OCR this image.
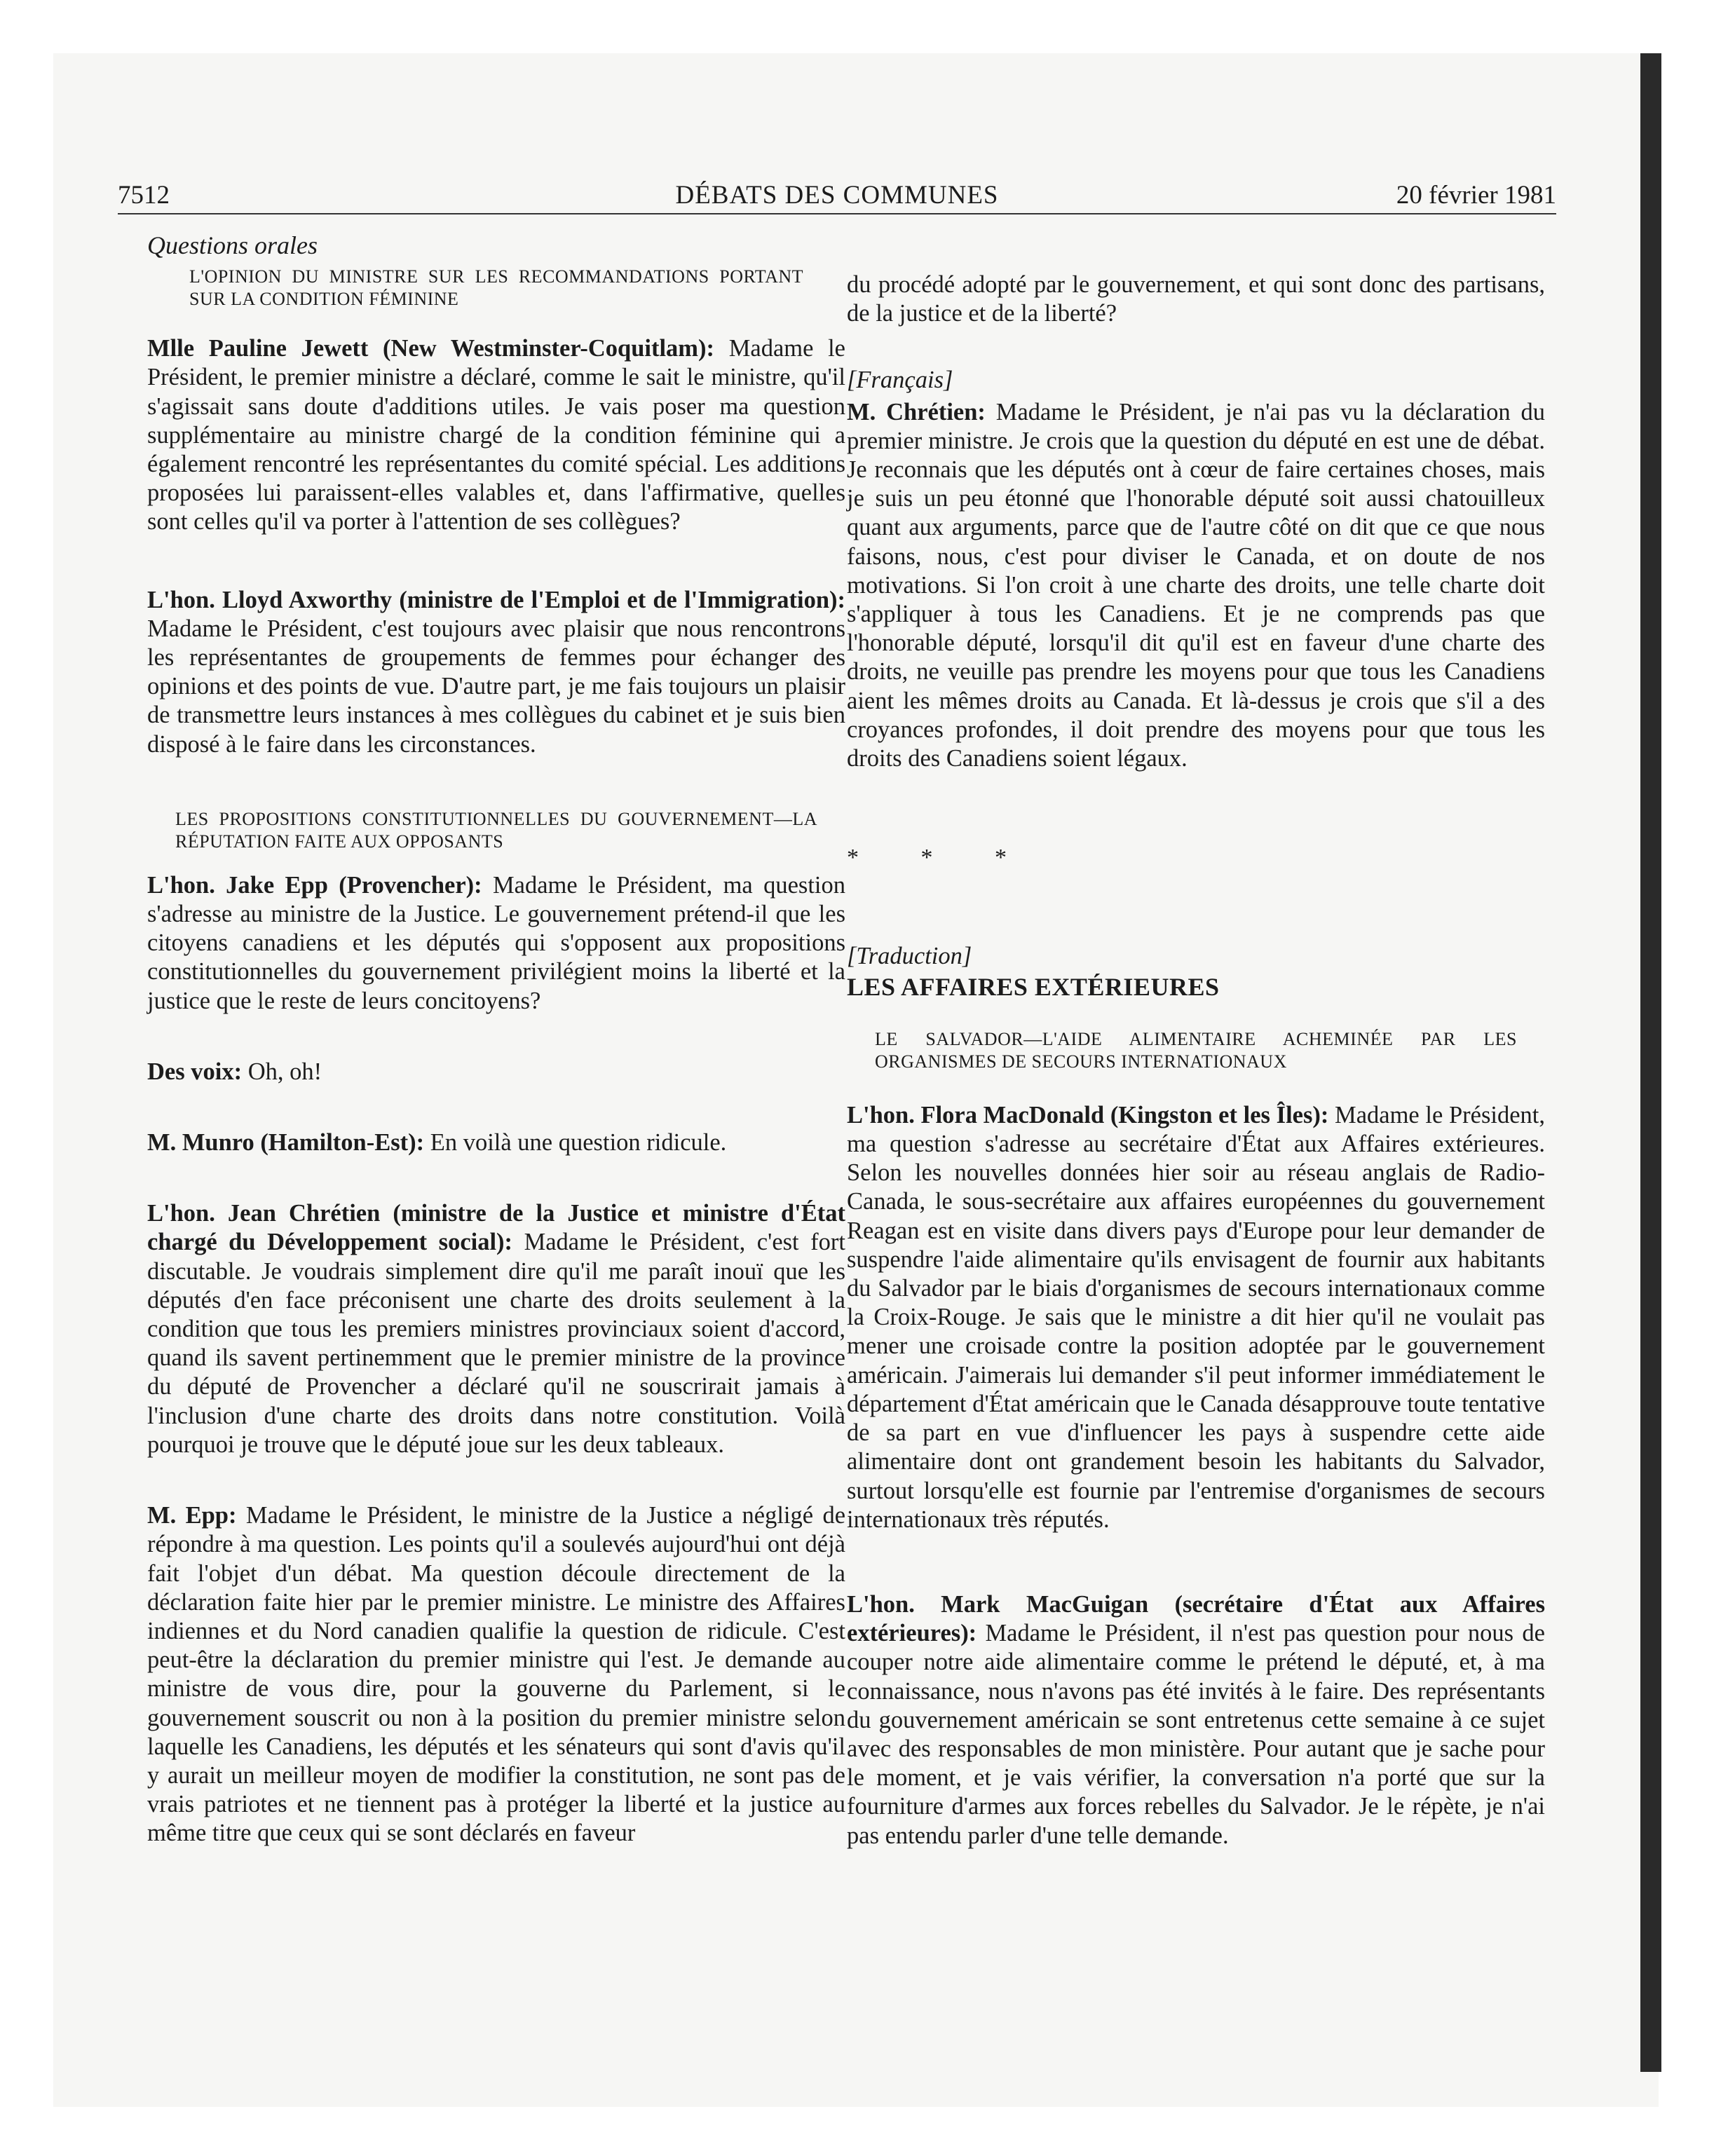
7512	DÉBATS DES COMMUNES	20 février 1981

Questions orales

L'OPINION DU MINISTRE SUR LES RECOMMANDATIONS PORTANT SUR LA CONDITION FÉMININE

Mlle Pauline Jewett (New Westminster-Coquitlam): Madame le Président, le premier ministre a déclaré, comme le sait le ministre, qu'il s'agissait sans doute d'additions utiles. Je vais poser ma question supplémentaire au ministre chargé de la condition féminine qui a également rencontré les représentantes du comité spécial. Les additions proposées lui paraissent-elles valables et, dans l'affirmative, quelles sont celles qu'il va porter à l'attention de ses collègues?

L'hon. Lloyd Axworthy (ministre de l'Emploi et de l'Immigration): Madame le Président, c'est toujours avec plaisir que nous rencontrons les représentantes de groupements de femmes pour échanger des opinions et des points de vue. D'autre part, je me fais toujours un plaisir de transmettre leurs instances à mes collègues du cabinet et je suis bien disposé à le faire dans les circonstances.

LES PROPOSITIONS CONSTITUTIONNELLES DU GOUVERNEMENT—LA RÉPUTATION FAITE AUX OPPOSANTS

L'hon. Jake Epp (Provencher): Madame le Président, ma question s'adresse au ministre de la Justice. Le gouvernement prétend-il que les citoyens canadiens et les députés qui s'opposent aux propositions constitutionnelles du gouvernement privilégient moins la liberté et la justice que le reste de leurs concitoyens?

Des voix: Oh, oh!

M. Munro (Hamilton-Est): En voilà une question ridicule.

L'hon. Jean Chrétien (ministre de la Justice et ministre d'État chargé du Développement social): Madame le Président, c'est fort discutable. Je voudrais simplement dire qu'il me paraît inouï que les députés d'en face préconisent une charte des droits seulement à la condition que tous les premiers ministres provinciaux soient d'accord, quand ils savent pertinemment que le premier ministre de la province du député de Provencher a déclaré qu'il ne souscrirait jamais à l'inclusion d'une charte des droits dans notre constitution. Voilà pourquoi je trouve que le député joue sur les deux tableaux.

M. Epp: Madame le Président, le ministre de la Justice a négligé de répondre à ma question. Les points qu'il a soulevés aujourd'hui ont déjà fait l'objet d'un débat. Ma question découle directement de la déclaration faite hier par le premier ministre. Le ministre des Affaires indiennes et du Nord canadien qualifie la question de ridicule. C'est peut-être la déclaration du premier ministre qui l'est. Je demande au ministre de vous dire, pour la gouverne du Parlement, si le gouvernement souscrit ou non à la position du premier ministre selon laquelle les Canadiens, les députés et les sénateurs qui sont d'avis qu'il y aurait un meilleur moyen de modifier la constitution, ne sont pas de vrais patriotes et ne tiennent pas à protéger la liberté et la justice au même titre que ceux qui se sont déclarés en faveur

du procédé adopté par le gouvernement, et qui sont donc des partisans, de la justice et de la liberté?

[Français]

M. Chrétien: Madame le Président, je n'ai pas vu la déclaration du premier ministre. Je crois que la question du député en est une de débat. Je reconnais que les députés ont à cœur de faire certaines choses, mais je suis un peu étonné que l'honorable député soit aussi chatouilleux quant aux arguments, parce que de l'autre côté on dit que ce que nous faisons, nous, c'est pour diviser le Canada, et on doute de nos motivations. Si l'on croit à une charte des droits, une telle charte doit s'appliquer à tous les Canadiens. Et je ne comprends pas que l'honorable député, lorsqu'il dit qu'il est en faveur d'une charte des droits, ne veuille pas prendre les moyens pour que tous les Canadiens aient les mêmes droits au Canada. Et là-dessus je crois que s'il a des croyances profondes, il doit prendre des moyens pour que tous les droits des Canadiens soient légaux.

* * *

[Traduction]

LES AFFAIRES EXTÉRIEURES

LE SALVADOR—L'AIDE ALIMENTAIRE ACHEMINÉE PAR LES ORGANISMES DE SECOURS INTERNATIONAUX

L'hon. Flora MacDonald (Kingston et les Îles): Madame le Président, ma question s'adresse au secrétaire d'État aux Affaires extérieures. Selon les nouvelles données hier soir au réseau anglais de Radio-Canada, le sous-secrétaire aux affaires européennes du gouvernement Reagan est en visite dans divers pays d'Europe pour leur demander de suspendre l'aide alimentaire qu'ils envisagent de fournir aux habitants du Salvador par le biais d'organismes de secours internationaux comme la Croix-Rouge. Je sais que le ministre a dit hier qu'il ne voulait pas mener une croisade contre la position adoptée par le gouvernement américain. J'aimerais lui demander s'il peut informer immédiatement le département d'État américain que le Canada désapprouve toute tentative de sa part en vue d'influencer les pays à suspendre cette aide alimentaire dont ont grandement besoin les habitants du Salvador, surtout lorsqu'elle est fournie par l'entremise d'organismes de secours internationaux très réputés.

L'hon. Mark MacGuigan (secrétaire d'État aux Affaires extérieures): Madame le Président, il n'est pas question pour nous de couper notre aide alimentaire comme le prétend le député, et, à ma connaissance, nous n'avons pas été invités à le faire. Des représentants du gouvernement américain se sont entretenus cette semaine à ce sujet avec des responsables de mon ministère. Pour autant que je sache pour le moment, et je vais vérifier, la conversation n'a porté que sur la fourniture d'armes aux forces rebelles du Salvador. Je le répète, je n'ai pas entendu parler d'une telle demande.
